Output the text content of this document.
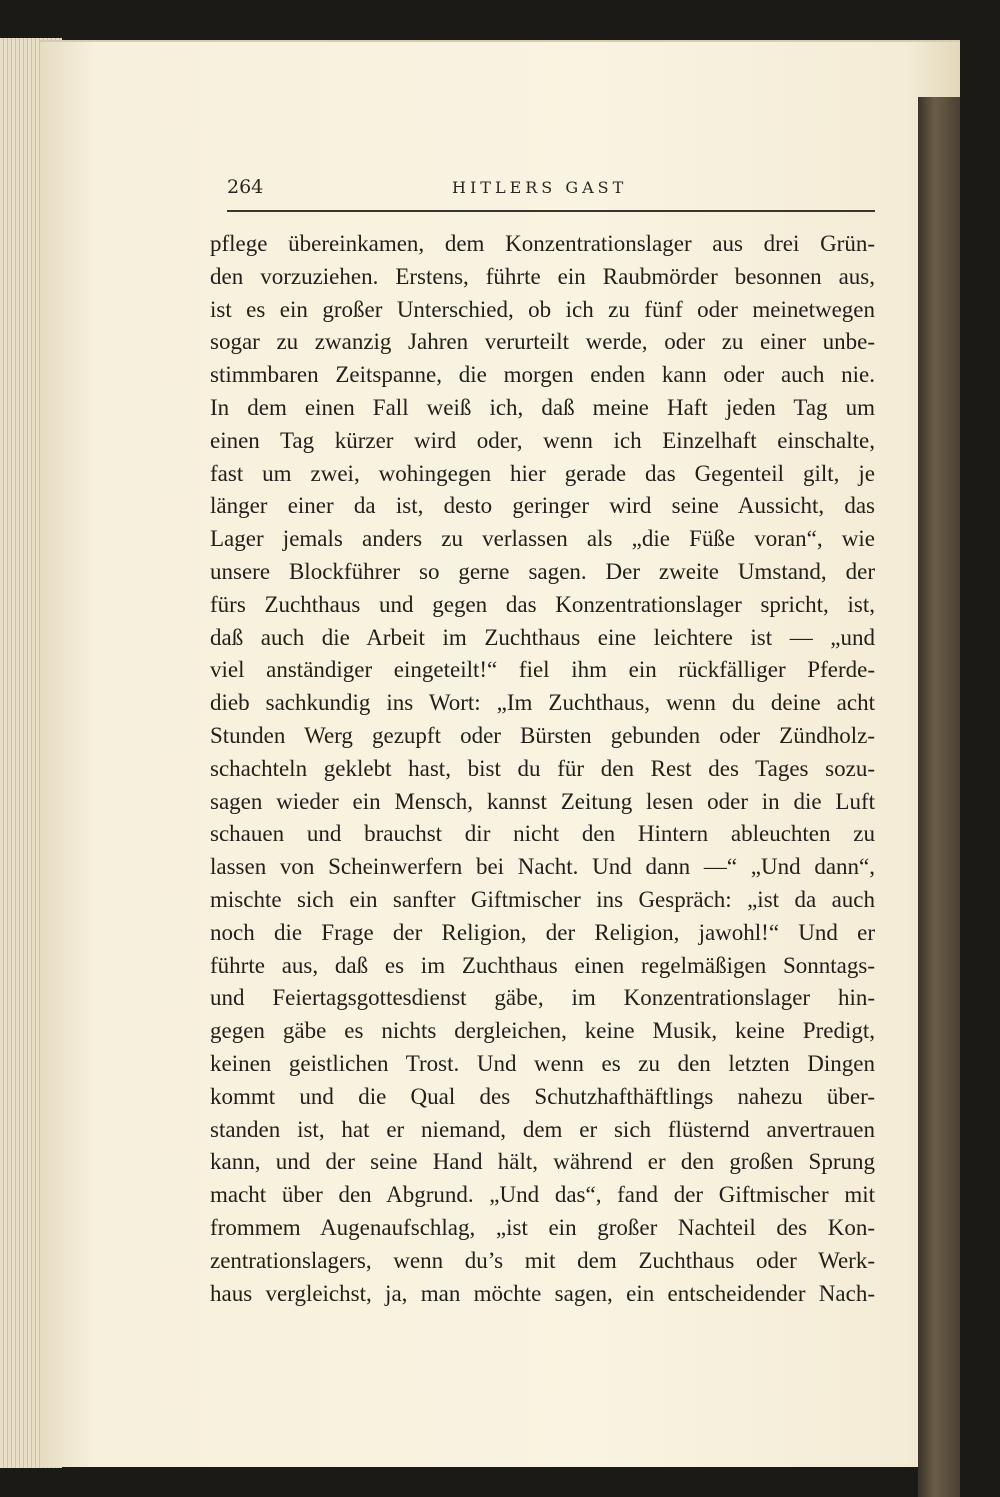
264	HITLERS GAST
pflege übereinkamen, dem Konzentrationslager aus drei Grün-
den vorzuziehen. Erstens, führte ein Raubmörder besonnen aus,
ist es ein großer Unterschied, ob ich zu fünf oder meinetwegen
sogar zu zwanzig Jahren verurteilt werde, oder zu einer unbe-
stimmbaren Zeitspanne, die morgen enden kann oder auch nie.
In dem einen Fall weiß ich, daß meine Haft jeden Tag um
einen Tag kürzer wird oder, wenn ich Einzelhaft einschalte,
fast um zwei, wohingegen hier gerade das Gegenteil gilt, je
länger einer da ist, desto geringer wird seine Aussicht, das
Lager jemals anders zu verlassen als „die Füße voran“, wie
unsere Blockführer so gerne sagen. Der zweite Umstand, der
fürs Zuchthaus und gegen das Konzentrationslager spricht, ist,
daß auch die Arbeit im Zuchthaus eine leichtere ist — „und
viel anständiger eingeteilt!“ fiel ihm ein rückfälliger Pferde-
dieb sachkundig ins Wort: „Im Zuchthaus, wenn du deine acht
Stunden Werg gezupft oder Bürsten gebunden oder Zündholz-
schachteln geklebt hast, bist du für den Rest des Tages sozu-
sagen wieder ein Mensch, kannst Zeitung lesen oder in die Luft
schauen und brauchst dir nicht den Hintern ableuchten zu
lassen von Scheinwerfern bei Nacht. Und dann —“ „Und dann“,
mischte sich ein sanfter Giftmischer ins Gespräch: „ist da auch
noch die Frage der Religion, der Religion, jawohl!“ Und er
führte aus, daß es im Zuchthaus einen regelmäßigen Sonntags-
und Feiertagsgottesdienst gäbe, im Konzentrationslager hin-
gegen gäbe es nichts dergleichen, keine Musik, keine Predigt,
keinen geistlichen Trost. Und wenn es zu den letzten Dingen
kommt und die Qual des Schutzhafthäftlings nahezu über-
standen ist, hat er niemand, dem er sich flüsternd anvertrauen
kann, und der seine Hand hält, während er den großen Sprung
macht über den Abgrund. „Und das“, fand der Giftmischer mit
frommem Augenaufschlag, „ist ein großer Nachteil des Kon-
zentrationslagers, wenn du’s mit dem Zuchthaus oder Werk-
haus vergleichst, ja, man möchte sagen, ein entscheidender Nach-
